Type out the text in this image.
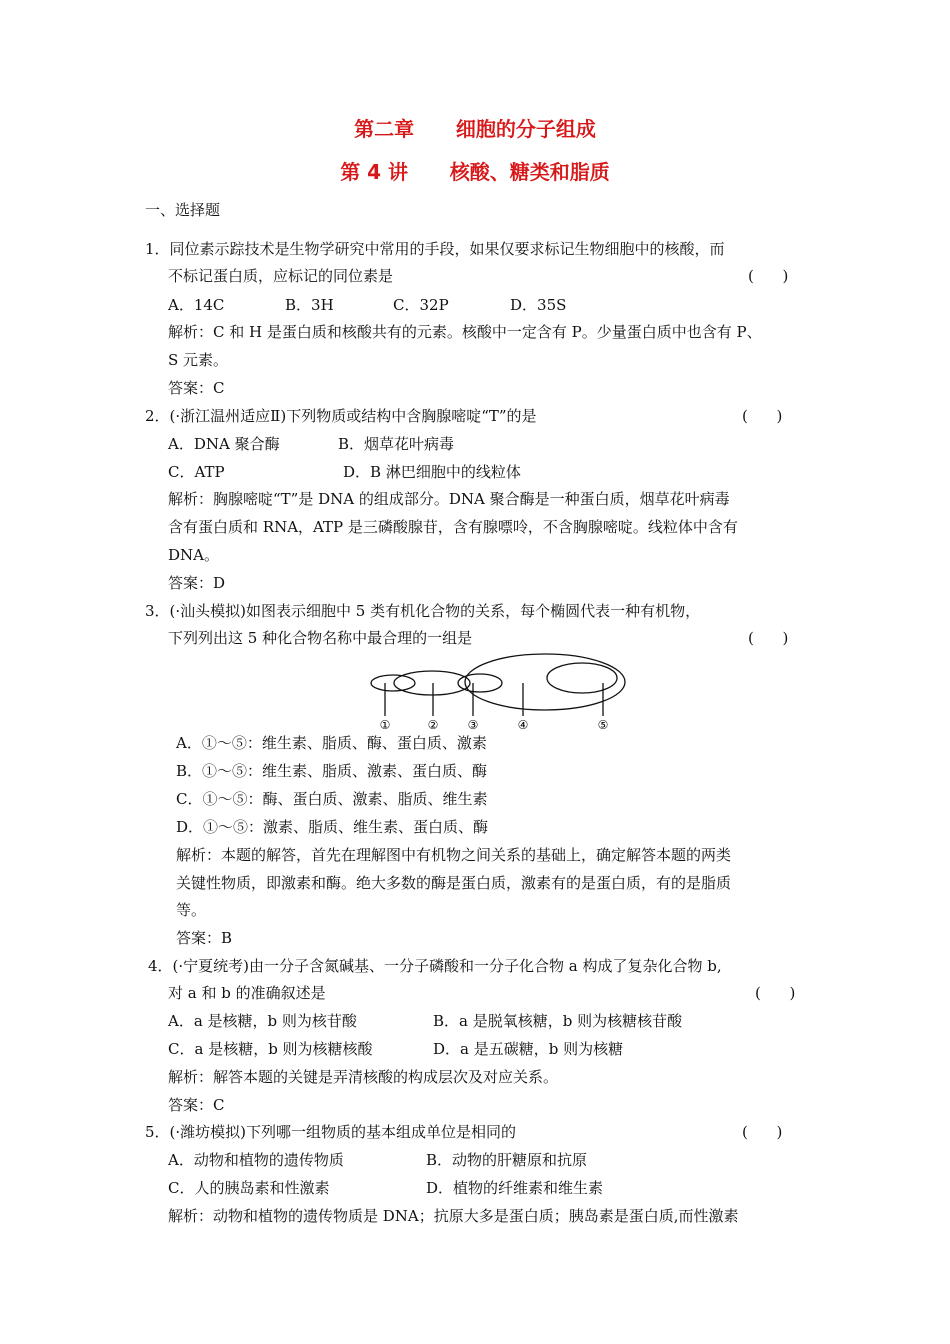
第二章      细胞的分子组成
第 4 讲      核酸、糖类和脂质
一、选择题
1．同位素示踪技术是生物学研究中常用的手段，如果仅要求标记生物细胞中的核酸，而
不标记蛋白质，应标记的同位素是	(      )
A．14C	B．3H	C．32P	D．35S
解析：C 和 H 是蛋白质和核酸共有的元素。核酸中一定含有 P。少量蛋白质中也含有 P、
S 元素。
答案：C
2．(·浙江温州适应Ⅱ)下列物质或结构中含胸腺嘧啶“T”的是	(      )
A．DNA 聚合酶	B．烟草花叶病毒
C．ATP	D．B 淋巴细胞中的线粒体
解析：胸腺嘧啶“T”是 DNA 的组成部分。DNA 聚合酶是一种蛋白质，烟草花叶病毒
含有蛋白质和 RNA，ATP 是三磷酸腺苷，含有腺嘌呤，不含胸腺嘧啶。线粒体中含有
DNA。
答案：D
3．(·汕头模拟)如图表示细胞中 5 类有机化合物的关系，每个椭圆代表一种有机物，
下列列出这 5 种化合物名称中最合理的一组是	(      )
①	② ③	④	⑤
A．①～⑤：维生素、脂质、酶、蛋白质、激素
B．①～⑤：维生素、脂质、激素、蛋白质、酶
C．①～⑤：酶、蛋白质、激素、脂质、维生素
D．①～⑤：激素、脂质、维生素、蛋白质、酶
解析：本题的解答，首先在理解图中有机物之间关系的基础上，确定解答本题的两类
关键性物质，即激素和酶。绝大多数的酶是蛋白质，激素有的是蛋白质，有的是脂质
等。
答案：B
4．(·宁夏统考)由一分子含氮碱基、一分子磷酸和一分子化合物 a 构成了复杂化合物 b,
对 a 和 b 的准确叙述是	(      )
A．a 是核糖，b 则为核苷酸	B．a 是脱氧核糖，b 则为核糖核苷酸
C．a 是核糖，b 则为核糖核酸	D．a 是五碳糖，b 则为核糖
解析：解答本题的关键是弄清核酸的构成层次及对应关系。
答案：C
5．(·潍坊模拟)下列哪一组物质的基本组成单位是相同的	(      )
A．动物和植物的遗传物质	B．动物的肝糖原和抗原
C．人的胰岛素和性激素	D．植物的纤维素和维生素
解析：动物和植物的遗传物质是 DNA；抗原大多是蛋白质；胰岛素是蛋白质,而性激素
